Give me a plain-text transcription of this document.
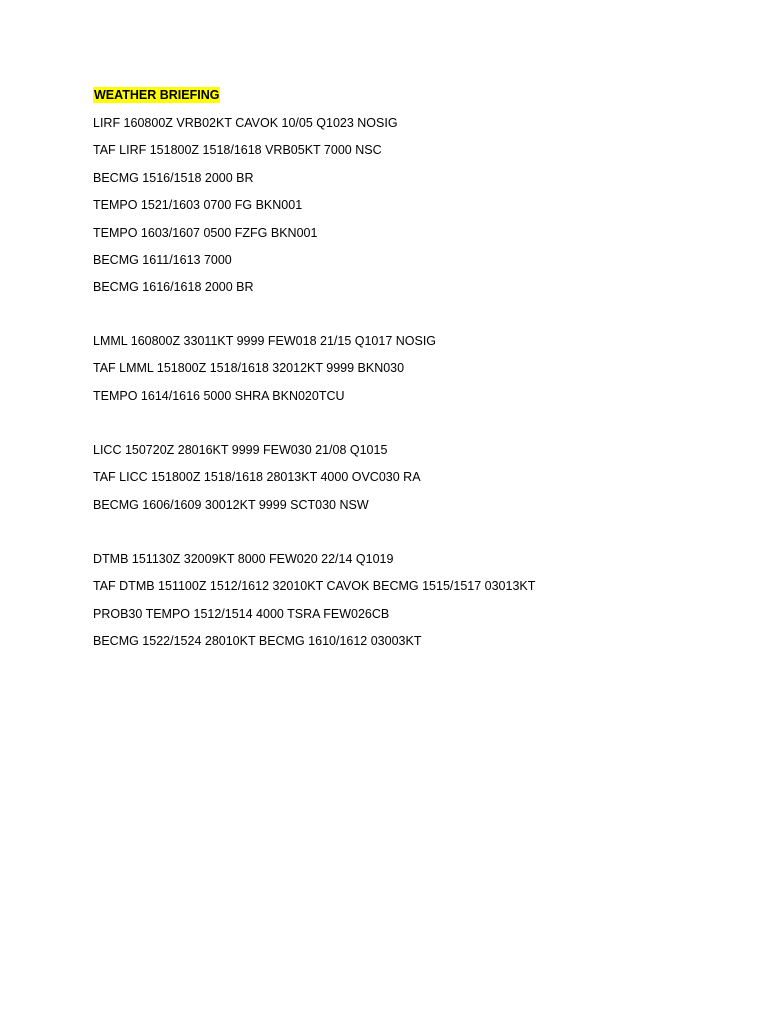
WEATHER BRIEFING
LIRF 160800Z VRB02KT CAVOK 10/05 Q1023 NOSIG
TAF LIRF 151800Z 1518/1618 VRB05KT 7000 NSC
BECMG 1516/1518 2000 BR
TEMPO 1521/1603 0700 FG BKN001
TEMPO 1603/1607 0500 FZFG BKN001
BECMG 1611/1613 7000
BECMG 1616/1618 2000 BR
LMML 160800Z 33011KT 9999 FEW018 21/15 Q1017 NOSIG
TAF LMML 151800Z 1518/1618 32012KT 9999 BKN030
TEMPO 1614/1616 5000 SHRA BKN020TCU
LICC 150720Z 28016KT 9999 FEW030 21/08 Q1015
TAF LICC 151800Z 1518/1618 28013KT 4000 OVC030 RA
BECMG 1606/1609 30012KT 9999 SCT030 NSW
DTMB 151130Z 32009KT 8000 FEW020 22/14 Q1019
TAF DTMB 151100Z 1512/1612 32010KT CAVOK BECMG 1515/1517 03013KT
PROB30 TEMPO 1512/1514 4000 TSRA FEW026CB
BECMG 1522/1524 28010KT BECMG 1610/1612 03003KT
